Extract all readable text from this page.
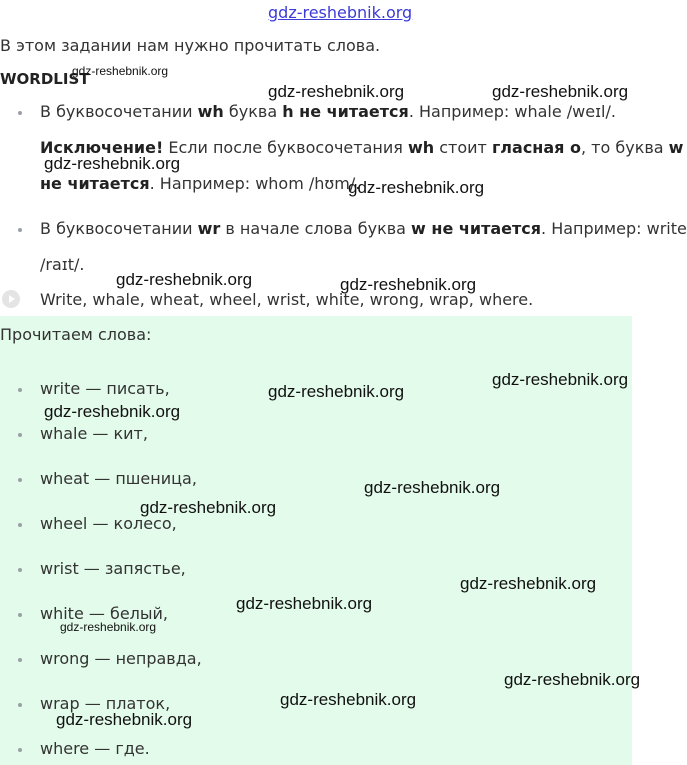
gdz-reshebnik.org
В этом задании нам нужно прочитать слова.
WORDLIST
В буквосочетании wh буква h не читается. Например: whale /weɪl/.
Исключение! Если после буквосочетания wh стоит гласная o, то буква w
не читается. Например: whom /hʊm/.
В буквосочетании wr в начале слова буква w не читается. Например: write
/raɪt/.
Write, whale, wheat, wheel, wrist, white, wrong, wrap, where.
Прочитаем слова:
write — писать,
whale — кит,
wheat — пшеница,
wheel — колесо,
wrist — запястье,
white — белый,
wrong — неправда,
wrap — платок,
where — где.
gdz-reshebnik.org
gdz-reshebnik.org	gdz-reshebnik.org
gdz-reshebnik.org
gdz-reshebnik.org
gdz-reshebnik.org	gdz-reshebnik.org
gdz-reshebnik.org
gdz-reshebnik.org
gdz-reshebnik.org
gdz-reshebnik.org
gdz-reshebnik.org
gdz-reshebnik.org
gdz-reshebnik.org
gdz-reshebnik.org
gdz-reshebnik.org
gdz-reshebnik.org
gdz-reshebnik.org
